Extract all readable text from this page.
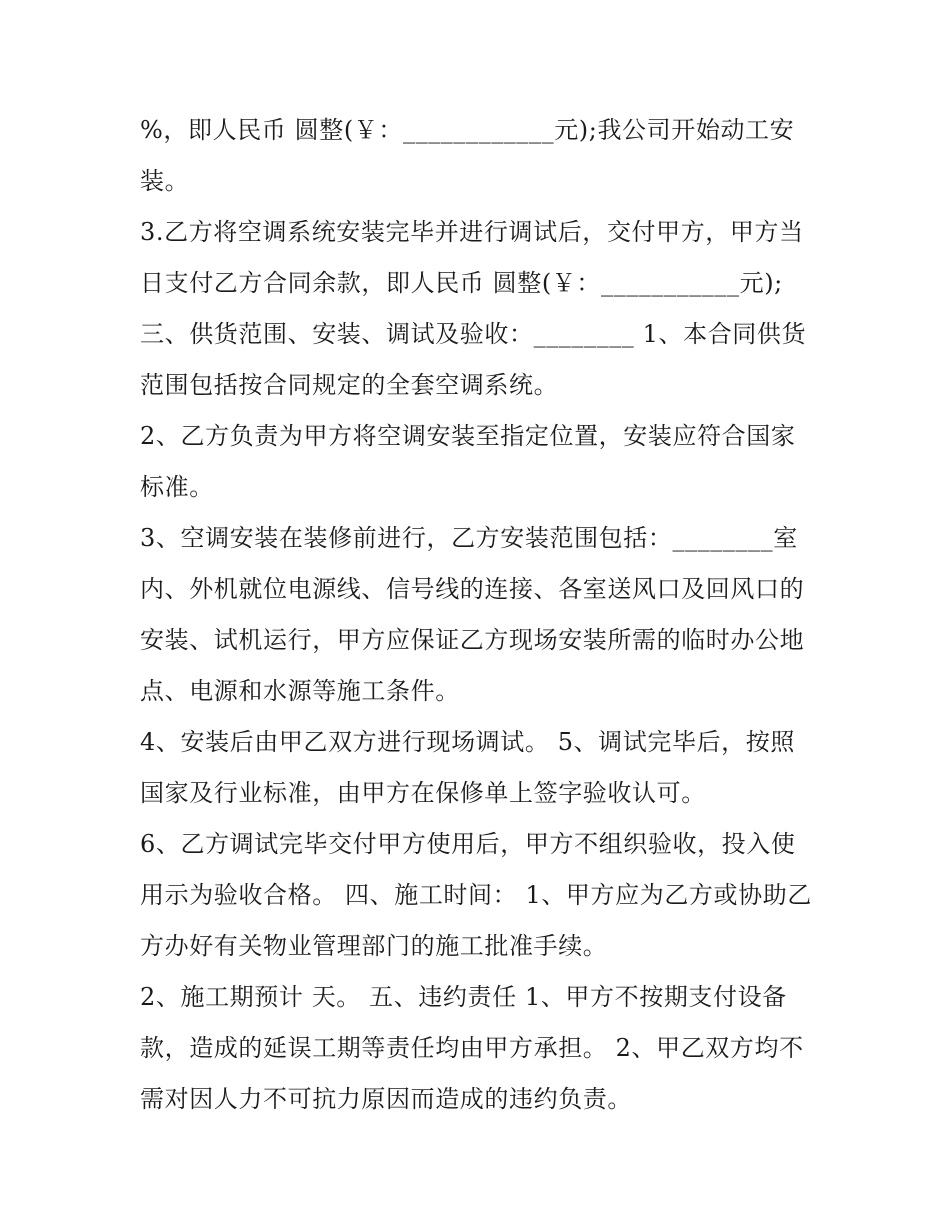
%，即人民币 圆整(￥：____________元);我公司开始动工安
装。
3.乙方将空调系统安装完毕并进行调试后，交付甲方，甲方当
日支付乙方合同余款，即人民币 圆整(￥：___________元);
三、供货范围、安装、调试及验收：________ 1、本合同供货
范围包括按合同规定的全套空调系统。
2、乙方负责为甲方将空调安装至指定位置，安装应符合国家
标准。
3、空调安装在装修前进行，乙方安装范围包括：________室
内、外机就位电源线、信号线的连接、各室送风口及回风口的
安装、试机运行，甲方应保证乙方现场安装所需的临时办公地
点、电源和水源等施工条件。
4、安装后由甲乙双方进行现场调试。 5、调试完毕后，按照
国家及行业标准，由甲方在保修单上签字验收认可。
6、乙方调试完毕交付甲方使用后，甲方不组织验收，投入使
用示为验收合格。 四、施工时间： 1、甲方应为乙方或协助乙
方办好有关物业管理部门的施工批准手续。
2、施工期预计 天。 五、违约责任 1、甲方不按期支付设备
款，造成的延误工期等责任均由甲方承担。 2、甲乙双方均不
需对因人力不可抗力原因而造成的违约负责。
